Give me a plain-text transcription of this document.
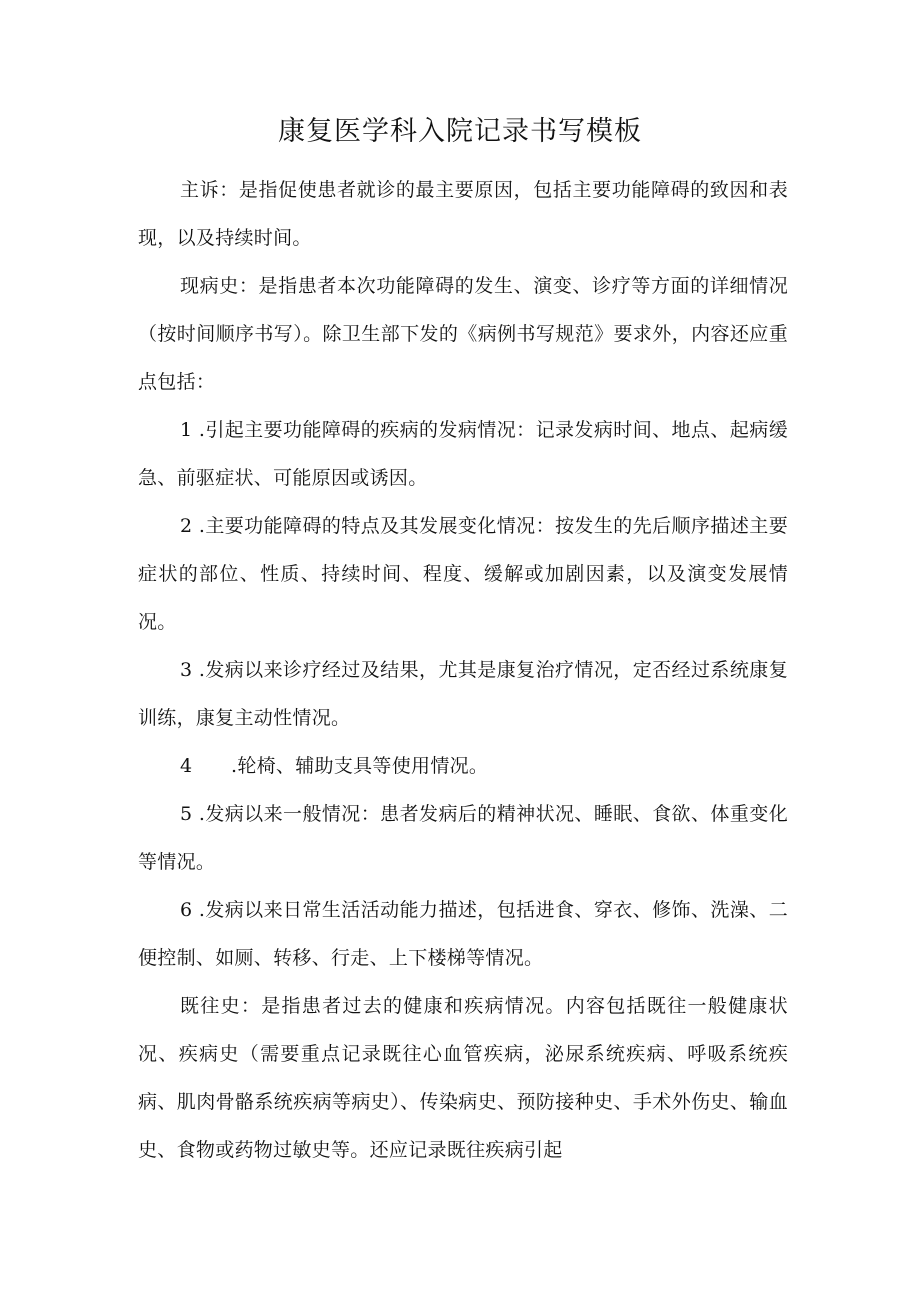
康复医学科入院记录书写模板

主诉：是指促使患者就诊的最主要原因，包括主要功能障碍的致因和表现，以及持续时间。

现病史：是指患者本次功能障碍的发生、演变、诊疗等方面的详细情况（按时间顺序书写）。除卫生部下发的《病例书写规范》要求外，内容还应重点包括：

1 .引起主要功能障碍的疾病的发病情况：记录发病时间、地点、起病缓急、前驱症状、可能原因或诱因。

2 .主要功能障碍的特点及其发展变化情况：按发生的先后顺序描述主要症状的部位、性质、持续时间、程度、缓解或加剧因素，以及演变发展情况。

3 .发病以来诊疗经过及结果，尤其是康复治疗情况，定否经过系统康复训练，康复主动性情况。

4　　.轮椅、辅助支具等使用情况。

5 .发病以来一般情况：患者发病后的精神状况、睡眠、食欲、体重变化等情况。

6 .发病以来日常生活活动能力描述，包括进食、穿衣、修饰、洗澡、二便控制、如厕、转移、行走、上下楼梯等情况。

既往史：是指患者过去的健康和疾病情况。内容包括既往一般健康状况、疾病史（需要重点记录既往心血管疾病，泌尿系统疾病、呼吸系统疾病、肌肉骨骼系统疾病等病史）、传染病史、预防接种史、手术外伤史、输血史、食物或药物过敏史等。还应记录既往疾病引起
